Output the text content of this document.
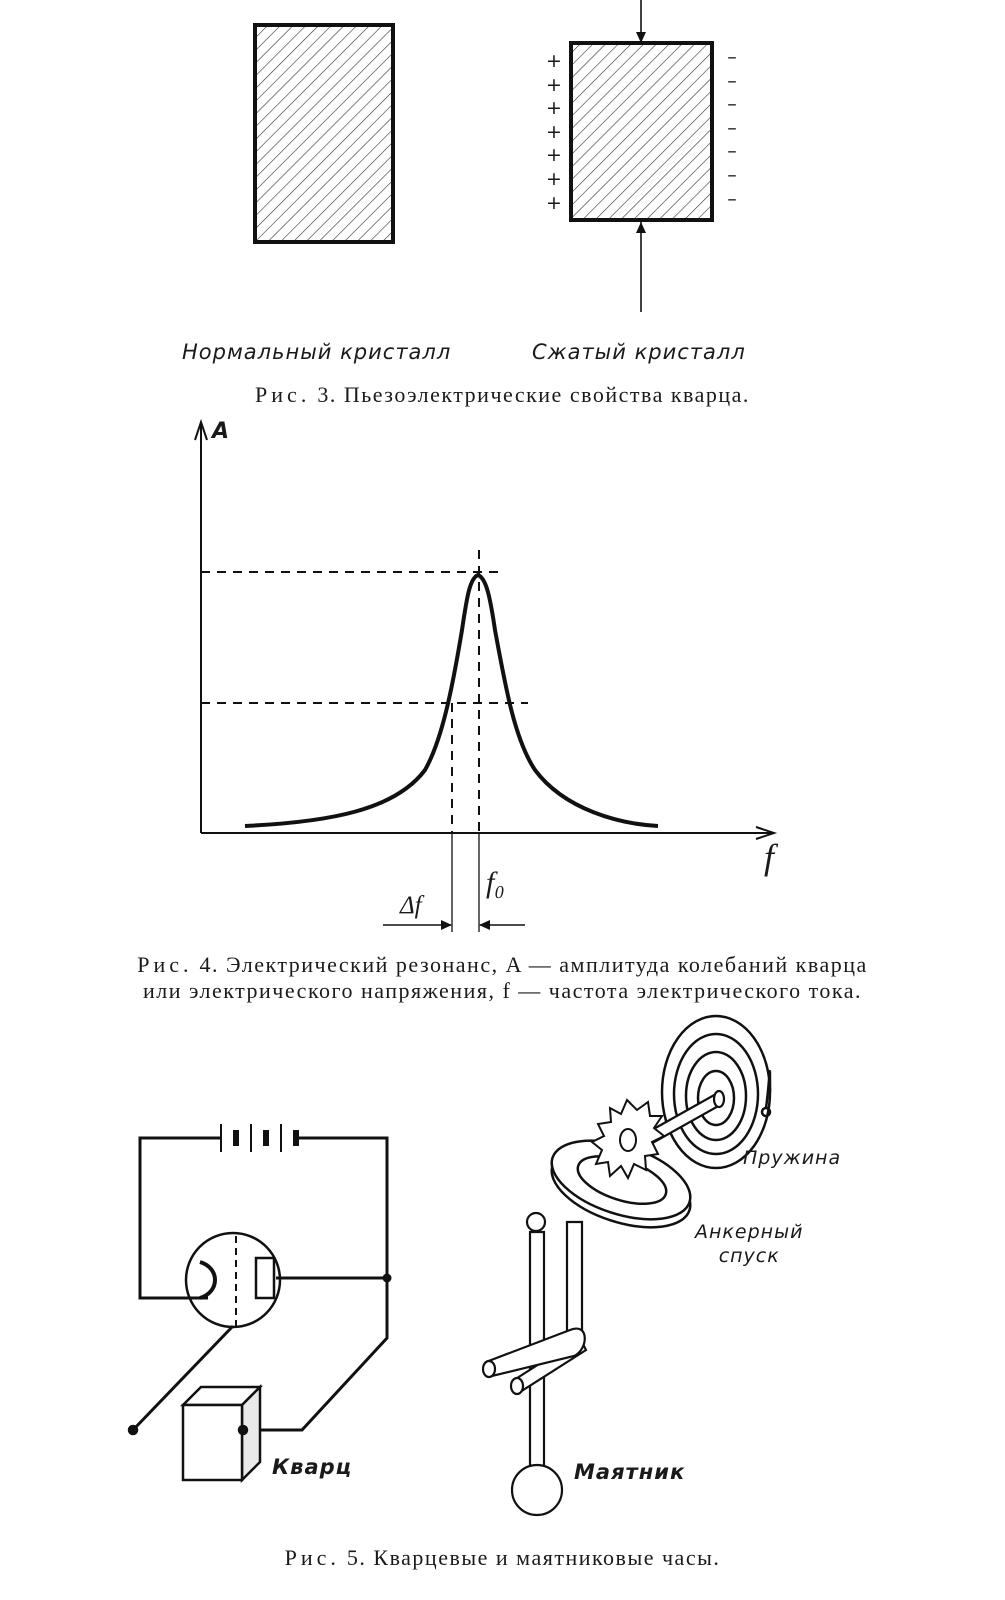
+
+
+
+
+
+
+
–
–
–
–
–
–
–
Нормальный кристалл	Сжатый кристалл
Рис. 3. Пьезоэлектрические свойства кварца.
A
f
f₀
Δf
Рис. 4. Электрический резонанс, A — амплитуда колебаний кварца
или электрического напряжения, f — частота электрического тока.
Кварц
Пружина
Анкерный
спуск
Маятник
Рис. 5. Кварцевые и маятниковые часы.
